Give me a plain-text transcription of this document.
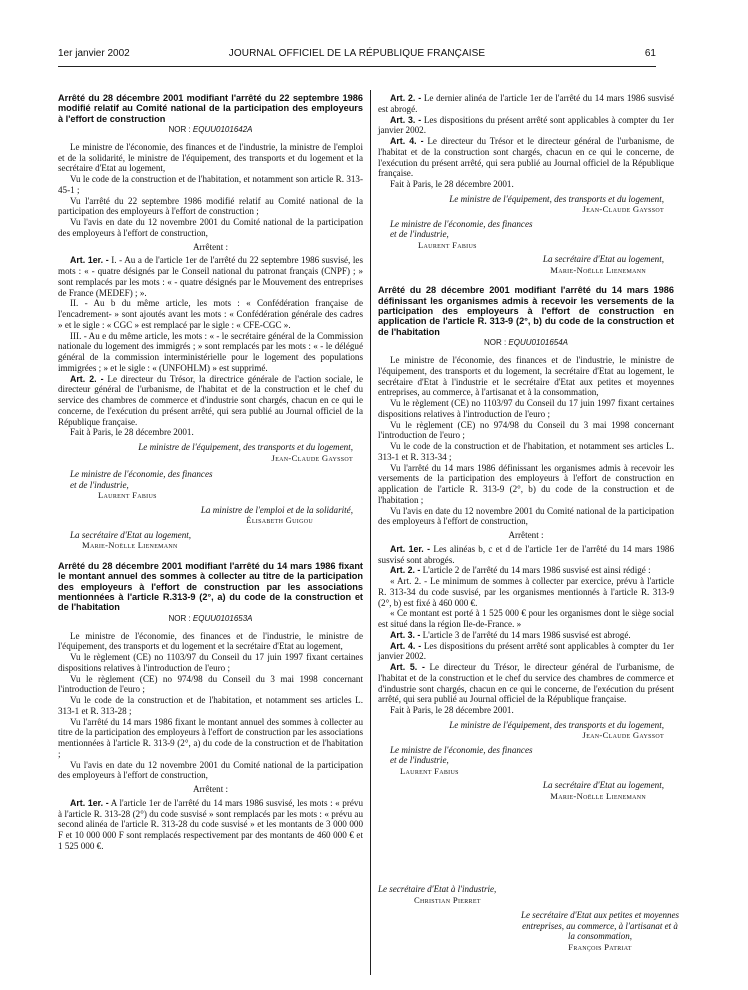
1er janvier 2002	JOURNAL OFFICIEL DE LA RÉPUBLIQUE FRANÇAISE	61

Arrêté du 28 décembre 2001 modifiant l'arrêté du 22 septembre 1986 modifié relatif au Comité national de la participation des employeurs à l'effort de construction

NOR : EQUU0101642A

Le ministre de l'économie, des finances et de l'industrie, la ministre de l'emploi et de la solidarité, le ministre de l'équipement, des transports et du logement et la secrétaire d'Etat au logement,

Vu le code de la construction et de l'habitation, et notamment son article R. 313-45-1 ;

Vu l'arrêté du 22 septembre 1986 modifié relatif au Comité national de la participation des employeurs à l'effort de construction ;

Vu l'avis en date du 12 novembre 2001 du Comité national de la participation des employeurs à l'effort de construction,

Arrêtent :

Art. 1er. - I. - Au a de l'article 1er de l'arrêté du 22 septembre 1986 susvisé, les mots : « - quatre désignés par le Conseil national du patronat français (CNPF) ; » sont remplacés par les mots : « - quatre désignés par le Mouvement des entreprises de France (MEDEF) ; ».

II. - Au b du même article, les mots : « Confédération française de l'encadrement- » sont ajoutés avant les mots : « Confédération générale des cadres » et le sigle : « CGC » est remplacé par le sigle : « CFE-CGC ».

III. - Au e du même article, les mots : « - le secrétaire général de la Commission nationale du logement des immigrés ; » sont remplacés par les mots : « - le délégué général de la commission interministérielle pour le logement des populations immigrées ; » et le sigle : « (UNFOHLM) » est supprimé.

Art. 2. - Le directeur du Trésor, la directrice générale de l'action sociale, le directeur général de l'urbanisme, de l'habitat et de la construction et le chef du service des chambres de commerce et d'industrie sont chargés, chacun en ce qui le concerne, de l'exécution du présent arrêté, qui sera publié au Journal officiel de la République française.

Fait à Paris, le 28 décembre 2001.

Le ministre de l'équipement, des transports et du logement,
Jean-Claude Gayssot

Le ministre de l'économie, des finances et de l'industrie,
Laurent Fabius

La ministre de l'emploi et de la solidarité,
Élisabeth Guigou

La secrétaire d'Etat au logement,
Marie-Noëlle Lienemann

Arrêté du 28 décembre 2001 modifiant l'arrêté du 14 mars 1986 fixant le montant annuel des sommes à collecter au titre de la participation des employeurs à l'effort de construction par les associations mentionnées à l'article R.313-9 (2°, a) du code de la construction et de l'habitation

NOR : EQUU0101653A

Le ministre de l'économie, des finances et de l'industrie, le ministre de l'équipement, des transports et du logement et la secrétaire d'Etat au logement,

Vu le règlement (CE) no 1103/97 du Conseil du 17 juin 1997 fixant certaines dispositions relatives à l'introduction de l'euro ;

Vu le règlement (CE) no 974/98 du Conseil du 3 mai 1998 concernant l'introduction de l'euro ;

Vu le code de la construction et de l'habitation, et notamment ses articles L. 313-1 et R. 313-28 ;

Vu l'arrêté du 14 mars 1986 fixant le montant annuel des sommes à collecter au titre de la participation des employeurs à l'effort de construction par les associations mentionnées à l'article R. 313-9 (2°, a) du code de la construction et de l'habitation ;

Vu l'avis en date du 12 novembre 2001 du Comité national de la participation des employeurs à l'effort de construction,

Arrêtent :

Art. 1er. - A l'article 1er de l'arrêté du 14 mars 1986 susvisé, les mots : « prévu à l'article R. 313-28 (2°) du code susvisé » sont remplacés par les mots : « prévu au second alinéa de l'article R. 313-28 du code susvisé » et les montants de 3 000 000 F et 10 000 000 F sont remplacés respectivement par des montants de 460 000 € et 1 525 000 €.

Art. 2. - Le dernier alinéa de l'article 1er de l'arrêté du 14 mars 1986 susvisé est abrogé.

Art. 3. - Les dispositions du présent arrêté sont applicables à compter du 1er janvier 2002.

Art. 4. - Le directeur du Trésor et le directeur général de l'urbanisme, de l'habitat et de la construction sont chargés, chacun en ce qui le concerne, de l'exécution du présent arrêté, qui sera publié au Journal officiel de la République française.

Fait à Paris, le 28 décembre 2001.

Le ministre de l'équipement, des transports et du logement,
Jean-Claude Gayssot

Le ministre de l'économie, des finances et de l'industrie,
Laurent Fabius

La secrétaire d'Etat au logement,
Marie-Noëlle Lienemann

Arrêté du 28 décembre 2001 modifiant l'arrêté du 14 mars 1986 définissant les organismes admis à recevoir les versements de la participation des employeurs à l'effort de construction en application de l'article R. 313-9 (2°, b) du code de la construction et de l'habitation

NOR : EQUU0101654A

Le ministre de l'économie, des finances et de l'industrie, le ministre de l'équipement, des transports et du logement, la secrétaire d'Etat au logement, le secrétaire d'Etat à l'industrie et le secrétaire d'Etat aux petites et moyennes entreprises, au commerce, à l'artisanat et à la consommation,

Vu le règlement (CE) no 1103/97 du Conseil du 17 juin 1997 fixant certaines dispositions relatives à l'introduction de l'euro ;

Vu le règlement (CE) no 974/98 du Conseil du 3 mai 1998 concernant l'introduction de l'euro ;

Vu le code de la construction et de l'habitation, et notamment ses articles L. 313-1 et R. 313-34 ;

Vu l'arrêté du 14 mars 1986 définissant les organismes admis à recevoir les versements de la participation des employeurs à l'effort de construction en application de l'article R. 313-9 (2°, b) du code de la construction et de l'habitation ;

Vu l'avis en date du 12 novembre 2001 du Comité national de la participation des employeurs à l'effort de construction,

Arrêtent :

Art. 1er. - Les alinéas b, c et d de l'article 1er de l'arrêté du 14 mars 1986 susvisé sont abrogés.

Art. 2. - L'article 2 de l'arrêté du 14 mars 1986 susvisé est ainsi rédigé :

« Art. 2. - Le minimum de sommes à collecter par exercice, prévu à l'article R. 313-34 du code susvisé, par les organismes mentionnés à l'article R. 313-9 (2°, b) est fixé à 460 000 €.

« Ce montant est porté à 1 525 000 € pour les organismes dont le siège social est situé dans la région Ile-de-France. »

Art. 3. - L'article 3 de l'arrêté du 14 mars 1986 susvisé est abrogé.

Art. 4. - Les dispositions du présent arrêté sont applicables à compter du 1er janvier 2002.

Art. 5. - Le directeur du Trésor, le directeur général de l'urbanisme, de l'habitat et de la construction et le chef du service des chambres de commerce et d'industrie sont chargés, chacun en ce qui le concerne, de l'exécution du présent arrêté, qui sera publié au Journal officiel de la République française.

Fait à Paris, le 28 décembre 2001.

Le ministre de l'équipement, des transports et du logement,
Jean-Claude Gayssot

Le ministre de l'économie, des finances et de l'industrie,
Laurent Fabius

La secrétaire d'Etat au logement,
Marie-Noëlle Lienemann

Le secrétaire d'Etat à l'industrie,
Christian Pierret

Le secrétaire d'Etat aux petites et moyennes entreprises, au commerce, à l'artisanat et à la consommation,
François Patriat
